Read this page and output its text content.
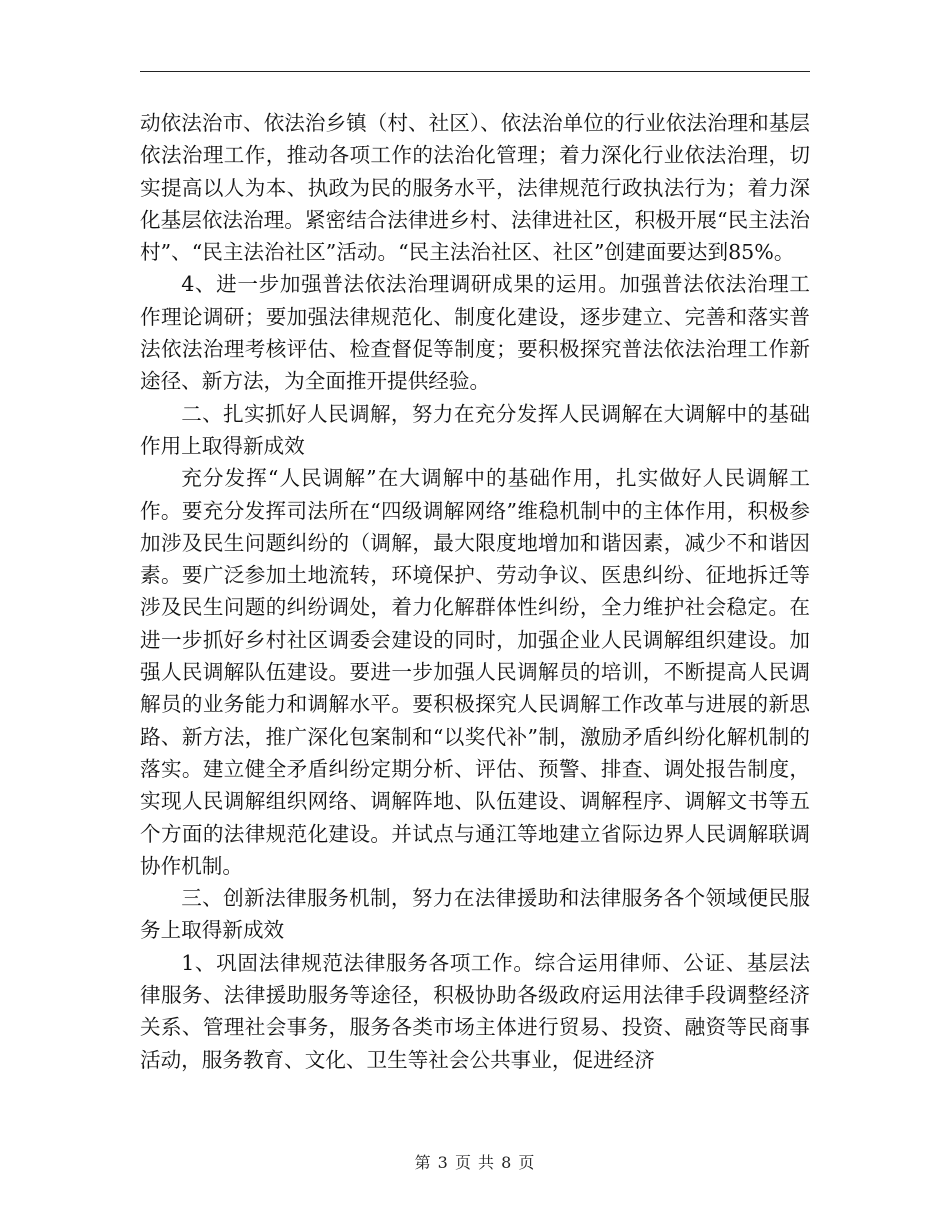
动依法治市、依法治乡镇（村、社区）、依法治单位的行业依法治理和基层依法治理工作，推动各项工作的法治化管理；着力深化行业依法治理，切实提高以人为本、执政为民的服务水平，法律规范行政执法行为；着力深化基层依法治理。紧密结合法律进乡村、法律进社区，积极开展“民主法治村”、“民主法治社区”活动。“民主法治社区、社区”创建面要达到85%。

4、进一步加强普法依法治理调研成果的运用。加强普法依法治理工作理论调研；要加强法律规范化、制度化建设，逐步建立、完善和落实普法依法治理考核评估、检查督促等制度；要积极探究普法依法治理工作新途径、新方法，为全面推开提供经验。

二、扎实抓好人民调解，努力在充分发挥人民调解在大调解中的基础作用上取得新成效

充分发挥“人民调解”在大调解中的基础作用，扎实做好人民调解工作。要充分发挥司法所在“四级调解网络”维稳机制中的主体作用，积极参加涉及民生问题纠纷的（调解，最大限度地增加和谐因素，减少不和谐因素。要广泛参加土地流转，环境保护、劳动争议、医患纠纷、征地拆迁等涉及民生问题的纠纷调处，着力化解群体性纠纷，全力维护社会稳定。在进一步抓好乡村社区调委会建设的同时，加强企业人民调解组织建设。加强人民调解队伍建设。要进一步加强人民调解员的培训，不断提高人民调解员的业务能力和调解水平。要积极探究人民调解工作改革与进展的新思路、新方法，推广深化包案制和“以奖代补”制，激励矛盾纠纷化解机制的落实。建立健全矛盾纠纷定期分析、评估、预警、排查、调处报告制度，实现人民调解组织网络、调解阵地、队伍建设、调解程序、调解文书等五个方面的法律规范化建设。并试点与通江等地建立省际边界人民调解联调协作机制。

三、创新法律服务机制，努力在法律援助和法律服务各个领域便民服务上取得新成效

1、巩固法律规范法律服务各项工作。综合运用律师、公证、基层法律服务、法律援助服务等途径，积极协助各级政府运用法律手段调整经济关系、管理社会事务，服务各类市场主体进行贸易、投资、融资等民商事活动，服务教育、文化、卫生等社会公共事业，促进经济

第 3 页 共 8 页
